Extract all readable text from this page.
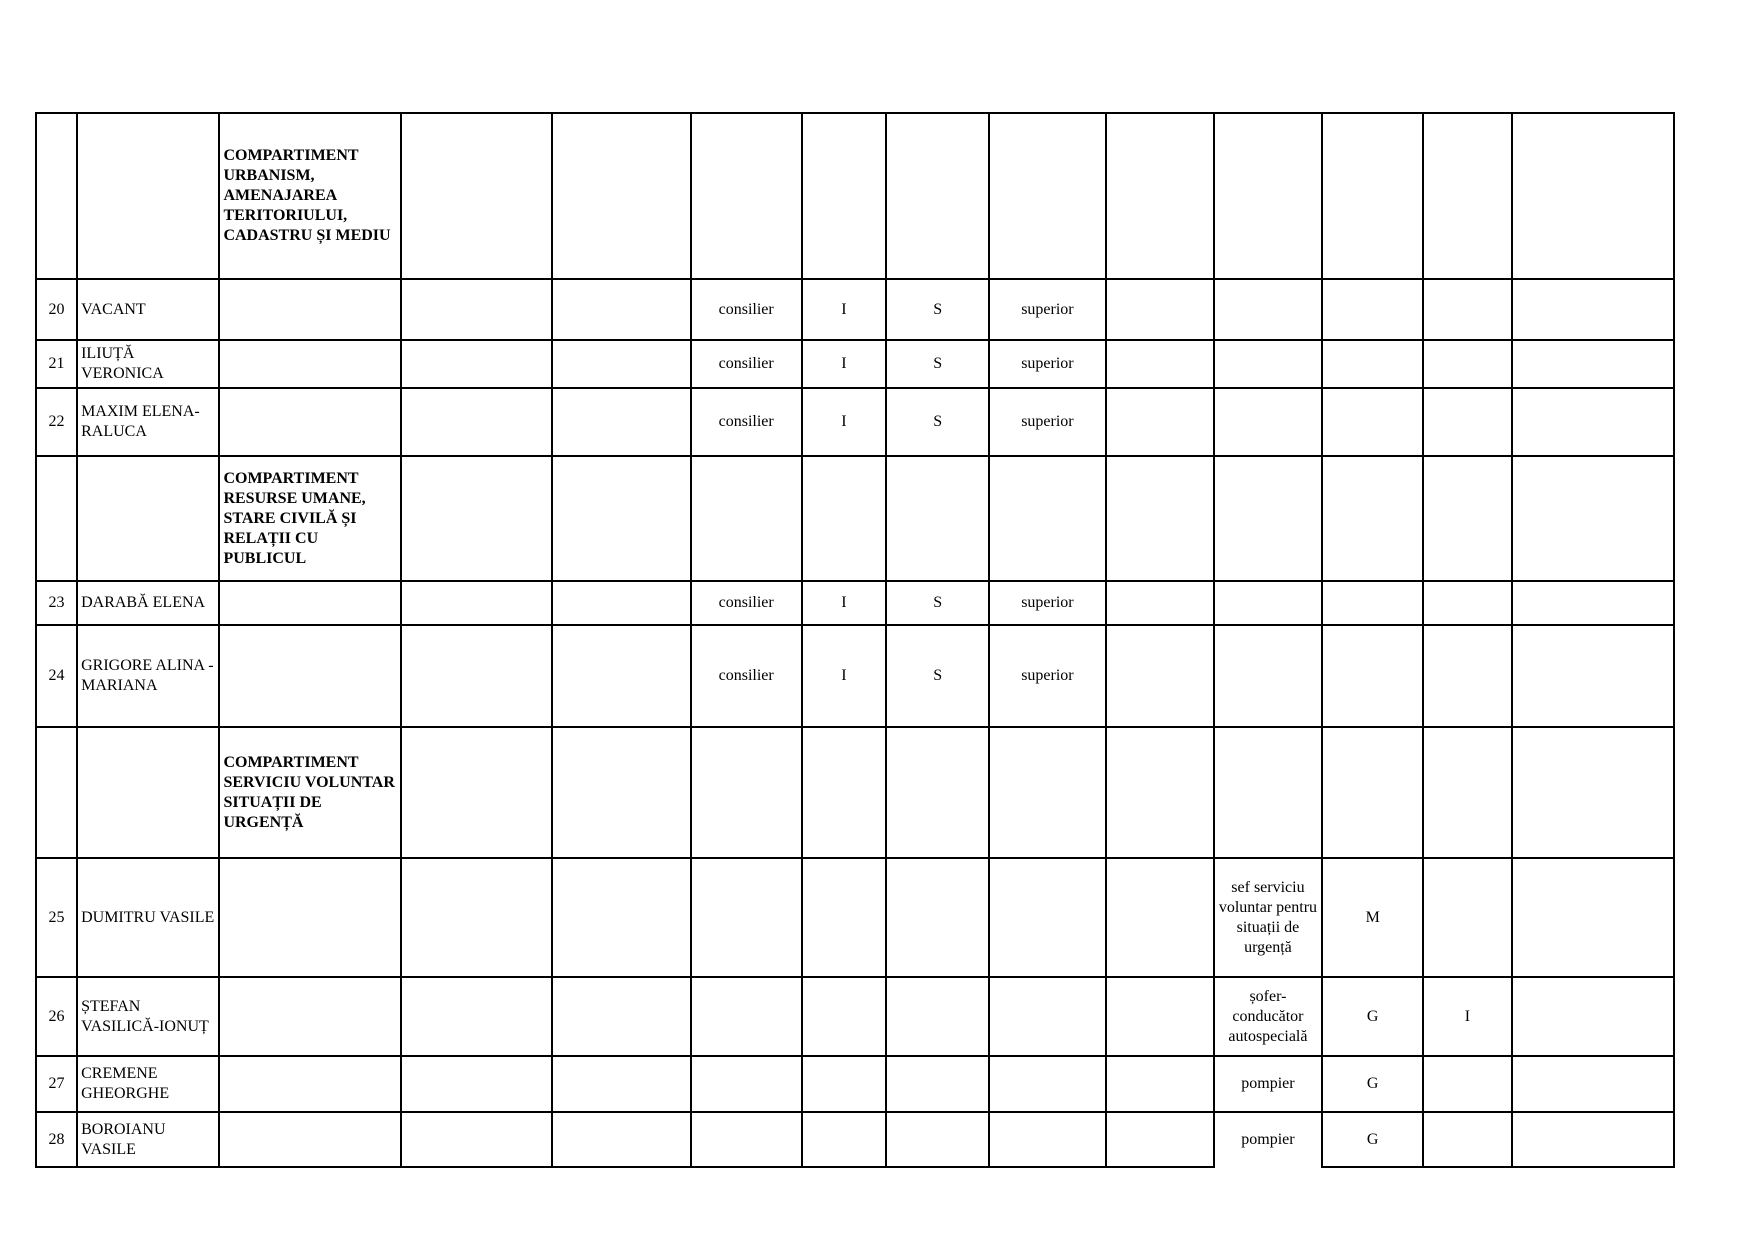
		COMPARTIMENT URBANISM, AMENAJAREA TERITORIULUI, CADASTRU ȘI MEDIU											
20	VACANT				consilier	I	S	superior					
21	ILIUȚĂ VERONICA				consilier	I	S	superior					
22	MAXIM ELENA-RALUCA				consilier	I	S	superior					
		COMPARTIMENT RESURSE UMANE, STARE CIVILĂ ȘI RELAȚII CU PUBLICUL											
23	DARABĂ ELENA				consilier	I	S	superior					
24	GRIGORE ALINA -MARIANA				consilier	I	S	superior					
		COMPARTIMENT SERVICIU VOLUNTAR SITUAȚII DE URGENȚĂ											
25	DUMITRU VASILE									sef serviciu voluntar pentru situații de urgență	M		
26	ȘTEFAN VASILICĂ-IONUȚ									șofer-conducător autospecială	G	I	
27	CREMENE GHEORGHE									pompier	G		
28	BOROIANU VASILE									pompier	G		
